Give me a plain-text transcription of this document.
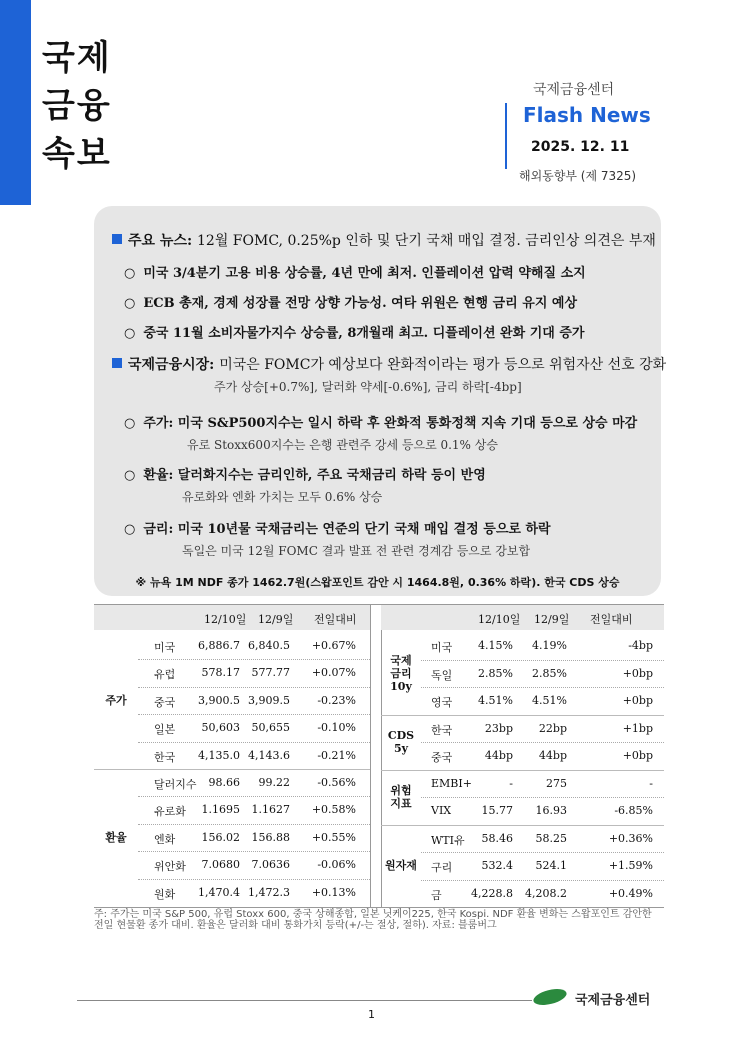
국제
금융
속보
국제금융센터
Flash News
2025. 12. 11
해외동향부 (제 7325)
주요 뉴스: 12월 FOMC, 0.25%p 인하 및 단기 국채 매입 결정. 금리인상 의견은 부재
○ 미국 3/4분기 고용 비용 상승률, 4년 만에 최저. 인플레이션 압력 약해질 소지
○ ECB 총재, 경제 성장률 전망 상향 가능성. 여타 위원은 현행 금리 유지 예상
○ 중국 11월 소비자물가지수 상승률, 8개월래 최고. 디플레이션 완화 기대 증가
국제금융시장: 미국은 FOMC가 예상보다 완화적이라는 평가 등으로 위험자산 선호 강화
주가 상승[+0.7%], 달러화 약세[-0.6%], 금리 하락[-4bp]
○ 주가: 미국 S&P500지수는 일시 하락 후 완화적 통화정책 지속 기대 등으로 상승 마감
유로 Stoxx600지수는 은행 관련주 강세 등으로 0.1% 상승
○ 환율: 달러화지수는 금리인하, 주요 국채금리 하락 등이 반영
유로화와 엔화 가치는 모두 0.6% 상승
○ 금리: 미국 10년물 국채금리는 연준의 단기 국채 매입 결정 등으로 하락
독일은 미국 12월 FOMC 결과 발표 전 관련 경계감 등으로 강보합
※ 뉴욕 1M NDF 종가 1462.7원(스왑포인트 감안 시 1464.8원, 0.36% 하락). 한국 CDS 상승
12/10일 12/9일 전일대비
미국	6,886.7 6,840.5	+0.67%
유럽	578.17	577.77	+0.07%
중국	3,900.5 3,909.5	-0.23%
일본	50,603	50,655	-0.10%
한국	4,135.0 4,143.6	-0.21%
주가
달러지수	98.66	99.22	-0.56%
유로화	1.1695	1.1627	+0.58%
엔화	156.02	156.88	+0.55%
위안화	7.0680	7.0636	-0.06%
원화	1,470.4 1,472.3	+0.13%
환율
12/10일 12/9일 전일대비
미국	4.15%	4.19%	-4bp
독일	2.85%	2.85%	+0bp
영국	4.51%	4.51%	+0bp
국제
금리
10y
한국	23bp	22bp	+1bp
중국	44bp	44bp	+0bp
CDS
5y
EMBI+	-	275	-
VIX	15.77	16.93	-6.85%
위험
지표
WTI유	58.46	58.25	+0.36%
구리	532.4	524.1	+1.59%
금	4,228.8	4,208.2	+0.49%
원자재
주: 주가는 미국 S&P 500, 유럽 Stoxx 600, 중국 상해종합, 일본 닛케이225, 한국 Kospi. NDF 환율 변화는 스왑포인트 감안한 전일 현물환 종가 대비. 환율은 달러화 대비 통화가치 등락(+/-는 절상, 절하). 자료: 블룸버그
국제금융센터
1
